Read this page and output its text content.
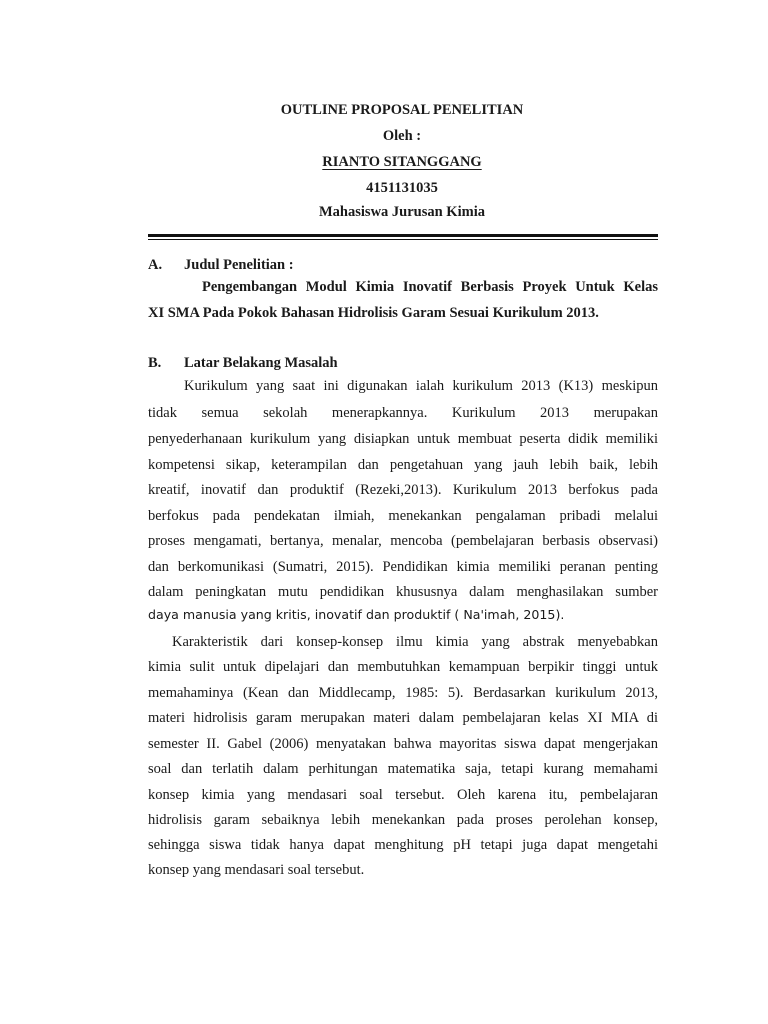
OUTLINE PROPOSAL PENELITIAN
Oleh :
RIANTO SITANGGANG
4151131035
Mahasiswa Jurusan Kimia
A. Judul Penelitian :
Pengembangan Modul Kimia Inovatif Berbasis Proyek Untuk Kelas
XI SMA Pada Pokok Bahasan Hidrolisis Garam Sesuai Kurikulum 2013.
B. Latar Belakang Masalah
Kurikulum yang saat ini digunakan ialah kurikulum 2013 (K13) meskipun
tidak semua sekolah menerapkannya. Kurikulum 2013 merupakan
penyederhanaan kurikulum yang disiapkan untuk membuat peserta didik memiliki
kompetensi sikap, keterampilan dan pengetahuan yang jauh lebih baik, lebih
kreatif, inovatif dan produktif (Rezeki,2013). Kurikulum 2013 berfokus pada
berfokus pada pendekatan ilmiah, menekankan pengalaman pribadi melalui
proses mengamati, bertanya, menalar, mencoba (pembelajaran berbasis observasi)
dan berkomunikasi (Sumatri, 2015). Pendidikan kimia memiliki peranan penting
dalam peningkatan mutu pendidikan khususnya dalam menghasilakan sumber
daya manusia yang kritis, inovatif dan produktif ( Na'imah, 2015).
Karakteristik dari konsep-konsep ilmu kimia yang abstrak menyebabkan
kimia sulit untuk dipelajari dan membutuhkan kemampuan berpikir tinggi untuk
memahaminya (Kean dan Middlecamp, 1985: 5). Berdasarkan kurikulum 2013,
materi hidrolisis garam merupakan materi dalam pembelajaran kelas XI MIA di
semester II. Gabel (2006) menyatakan bahwa mayoritas siswa dapat mengerjakan
soal dan terlatih dalam perhitungan matematika saja, tetapi kurang memahami
konsep kimia yang mendasari soal tersebut. Oleh karena itu, pembelajaran
hidrolisis garam sebaiknya lebih menekankan pada proses perolehan konsep,
sehingga siswa tidak hanya dapat menghitung pH tetapi juga dapat mengetahi
konsep yang mendasari soal tersebut.
